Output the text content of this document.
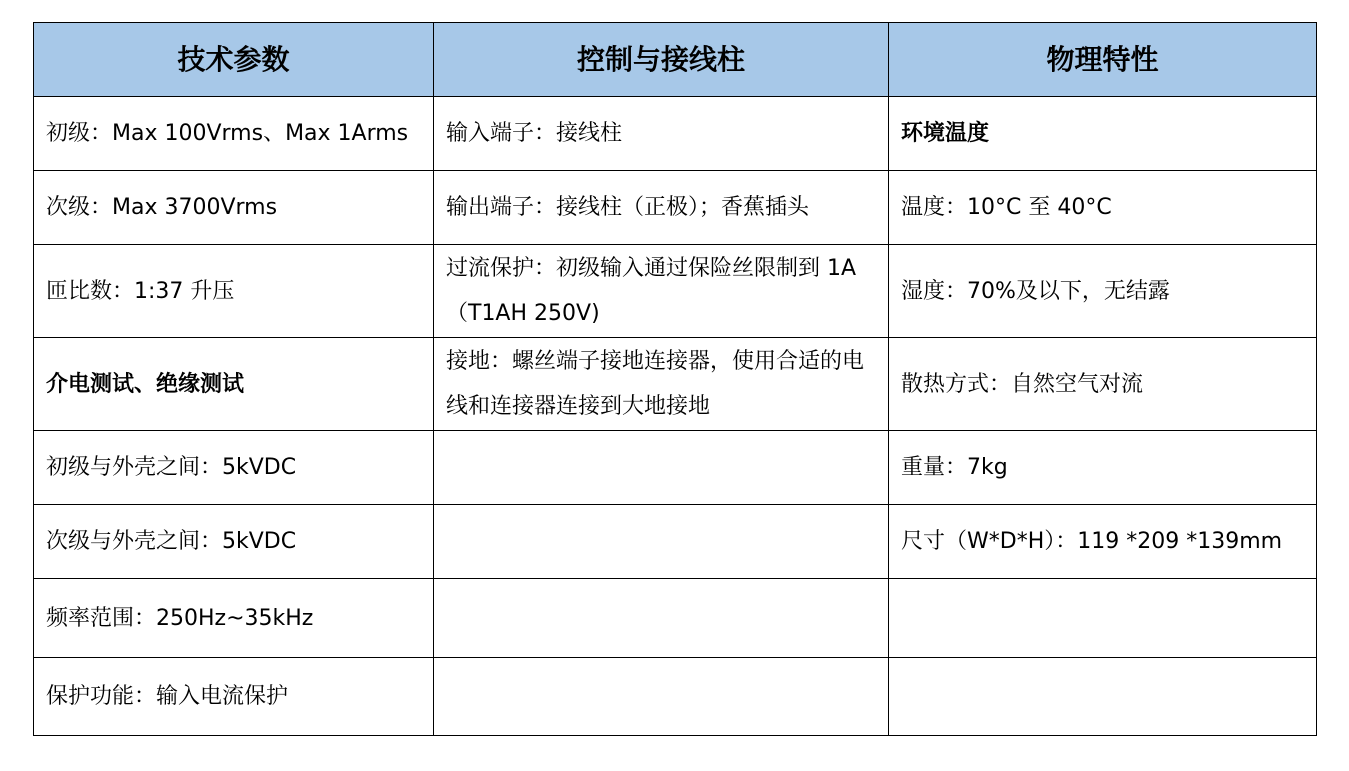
技术参数	控制与接线柱	物理特性
初级：Max 100Vrms、Max 1Arms	输入端子：接线柱	环境温度
次级：Max 3700Vrms	输出端子：接线柱（正极）；香蕉插头	温度：10°C 至 40°C
匝比数：1:37 升压	过流保护：初级输入通过保险丝限制到 1A（T1AH 250V)	湿度：70%及以下，无结露
介电测试、绝缘测试	接地：螺丝端子接地连接器，使用合适的电线和连接器连接到大地接地	散热方式：自然空气对流
初级与外壳之间：5kVDC		重量：7kg
次级与外壳之间：5kVDC		尺寸（W*D*H）：119 *209 *139mm
频率范围：250Hz~35kHz		
保护功能：输入电流保护		
